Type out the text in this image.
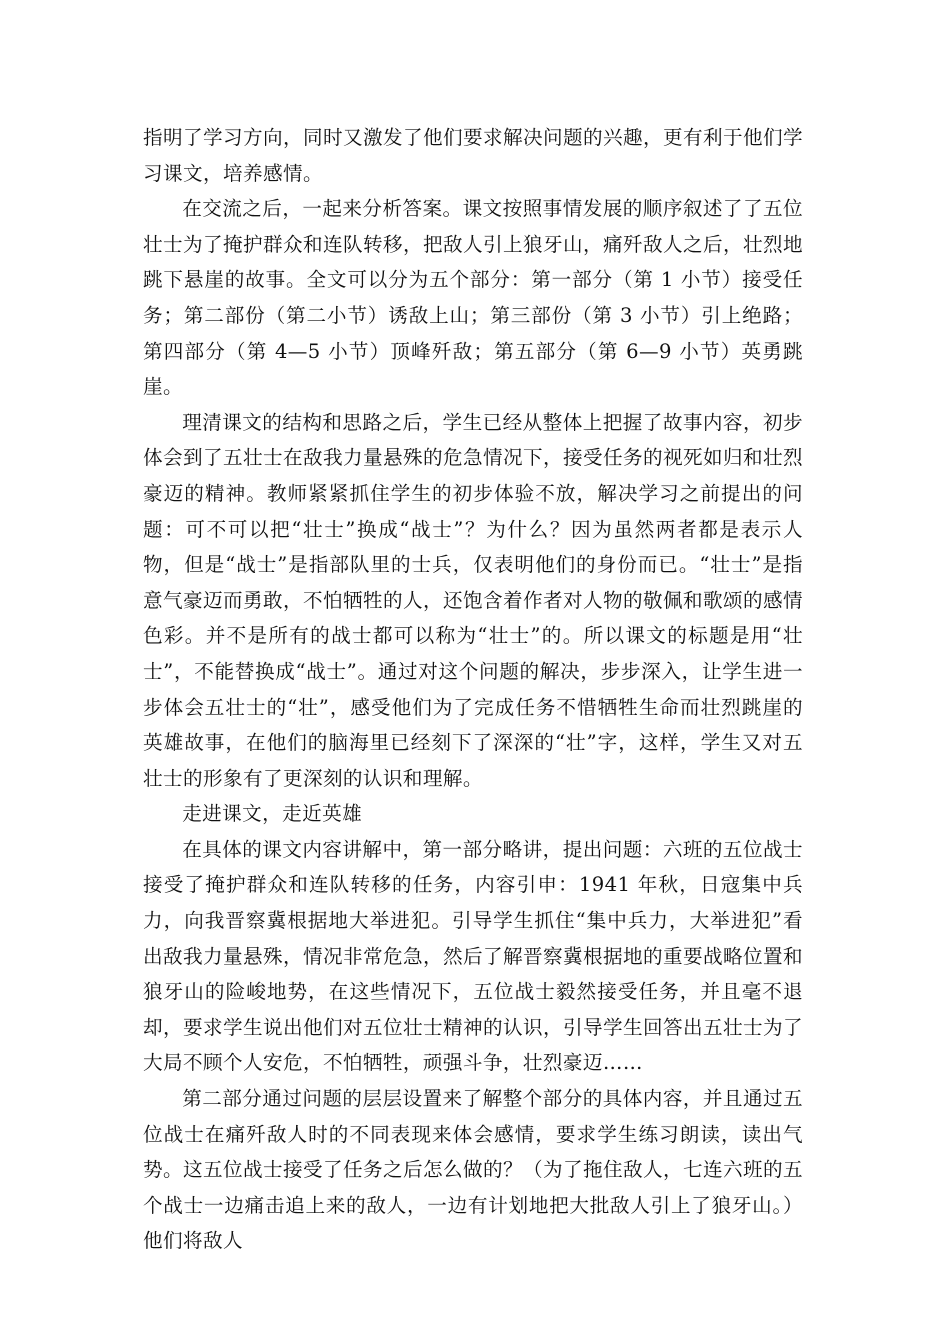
指明了学习方向，同时又激发了他们要求解决问题的兴趣，更有利于他们学习课文，培养感情。

在交流之后，一起来分析答案。课文按照事情发展的顺序叙述了了五位壮士为了掩护群众和连队转移，把敌人引上狼牙山，痛歼敌人之后，壮烈地跳下悬崖的故事。全文可以分为五个部分：第一部分（第 1 小节）接受任务；第二部份（第二小节）诱敌上山；第三部份（第 3 小节）引上绝路；第四部分（第 4—5 小节）顶峰歼敌；第五部分（第 6—9 小节）英勇跳崖。

理清课文的结构和思路之后，学生已经从整体上把握了故事内容，初步体会到了五壮士在敌我力量悬殊的危急情况下，接受任务的视死如归和壮烈豪迈的精神。教师紧紧抓住学生的初步体验不放，解决学习之前提出的问题：可不可以把“壮士”换成“战士”？为什么？因为虽然两者都是表示人物，但是“战士”是指部队里的士兵，仅表明他们的身份而已。“壮士”是指意气豪迈而勇敢，不怕牺牲的人，还饱含着作者对人物的敬佩和歌颂的感情色彩。并不是所有的战士都可以称为“壮士”的。所以课文的标题是用“壮士”，不能替换成“战士”。通过对这个问题的解决，步步深入，让学生进一步体会五壮士的“壮”，感受他们为了完成任务不惜牺牲生命而壮烈跳崖的英雄故事，在他们的脑海里已经刻下了深深的“壮”字，这样，学生又对五壮士的形象有了更深刻的认识和理解。

走进课文，走近英雄

在具体的课文内容讲解中，第一部分略讲，提出问题：六班的五位战士接受了掩护群众和连队转移的任务，内容引申：1941 年秋，日寇集中兵力，向我晋察冀根据地大举进犯。引导学生抓住“集中兵力，大举进犯”看出敌我力量悬殊，情况非常危急，然后了解晋察冀根据地的重要战略位置和狼牙山的险峻地势，在这些情况下，五位战士毅然接受任务，并且毫不退却，要求学生说出他们对五位壮士精神的认识，引导学生回答出五壮士为了大局不顾个人安危，不怕牺牲，顽强斗争，壮烈豪迈……

第二部分通过问题的层层设置来了解整个部分的具体内容，并且通过五位战士在痛歼敌人时的不同表现来体会感情，要求学生练习朗读，读出气势。这五位战士接受了任务之后怎么做的？（为了拖住敌人，七连六班的五个战士一边痛击追上来的敌人，一边有计划地把大批敌人引上了狼牙山。）他们将敌人
